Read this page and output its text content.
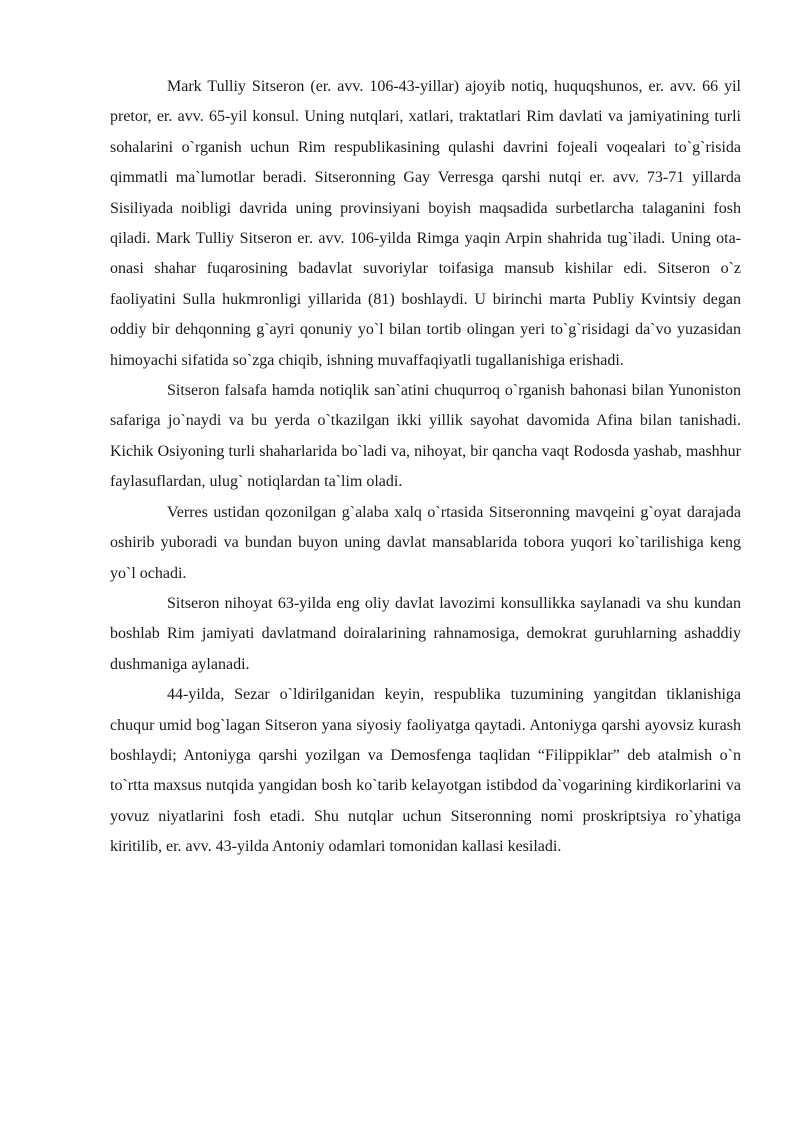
Mark Tulliy Sitseron (er. avv. 106-43-yillar) ajoyib notiq, huquqshunos, er. avv. 66 yil pretor, er. avv. 65-yil konsul. Uning nutqlari, xatlari, traktatlari Rim davlati va jamiyatining turli sohalarini o`rganish uchun Rim respublikasining qulashi davrini fojeali voqealari to`g`risida qimmatli ma`lumotlar beradi. Sitseronning Gay Verresga qarshi nutqi er. avv. 73-71 yillarda Sisiliyada noibligi davrida uning provinsiyani boyish maqsadida surbetlarcha talaganini fosh qiladi. Mark Tulliy Sitseron er. avv. 106-yilda Rimga yaqin Arpin shahrida tug`iladi. Uning ota-onasi shahar fuqarosining badavlat suvoriylar toifasiga mansub kishilar edi. Sitseron o`z faoliyatini Sulla hukmronligi yillarida (81) boshlaydi. U birinchi marta Publiy Kvintsiy degan oddiy bir dehqonning g`ayri qonuniy yo`l bilan tortib olingan yeri to`g`risidagi da`vo yuzasidan himoyachi sifatida so`zga chiqib, ishning muvaffaqiyatli tugallanishiga erishadi.

Sitseron falsafa hamda notiqlik san`atini chuqurroq o`rganish bahonasi bilan Yunoniston safariga jo`naydi va bu yerda o`tkazilgan ikki yillik sayohat davomida Afina bilan tanishadi. Kichik Osiyoning turli shaharlarida bo`ladi va, nihoyat, bir qancha vaqt Rodosda yashab, mashhur faylasuflardan, ulug` notiqlardan ta`lim oladi.

Verres ustidan qozonilgan g`alaba xalq o`rtasida Sitseronning mavqeini g`oyat darajada oshirib yuboradi va bundan buyon uning davlat mansablarida tobora yuqori ko`tarilishiga keng yo`l ochadi.

Sitseron nihoyat 63-yilda eng oliy davlat lavozimi konsullikka saylanadi va shu kundan boshlab Rim jamiyati davlatmand doiralarining rahnamosiga, demokrat guruhlarning ashaddiy dushmaniga aylanadi.

44-yilda, Sezar o`ldirilganidan keyin, respublika tuzumining yangitdan tiklanishiga chuqur umid bog`lagan Sitseron yana siyosiy faoliyatga qaytadi. Antoniyga qarshi ayovsiz kurash boshlaydi; Antoniyga qarshi yozilgan va Demosfenga taqlidan “Filippiklar” deb atalmish o`n to`rtta maxsus nutqida yangidan bosh ko`tarib kelayotgan istibdod da`vogarining kirdikorlarini va yovuz niyatlarini fosh etadi. Shu nutqlar uchun Sitseronning nomi proskriptsiya ro`yhatiga kiritilib, er. avv. 43-yilda Antoniy odamlari tomonidan kallasi kesiladi.
